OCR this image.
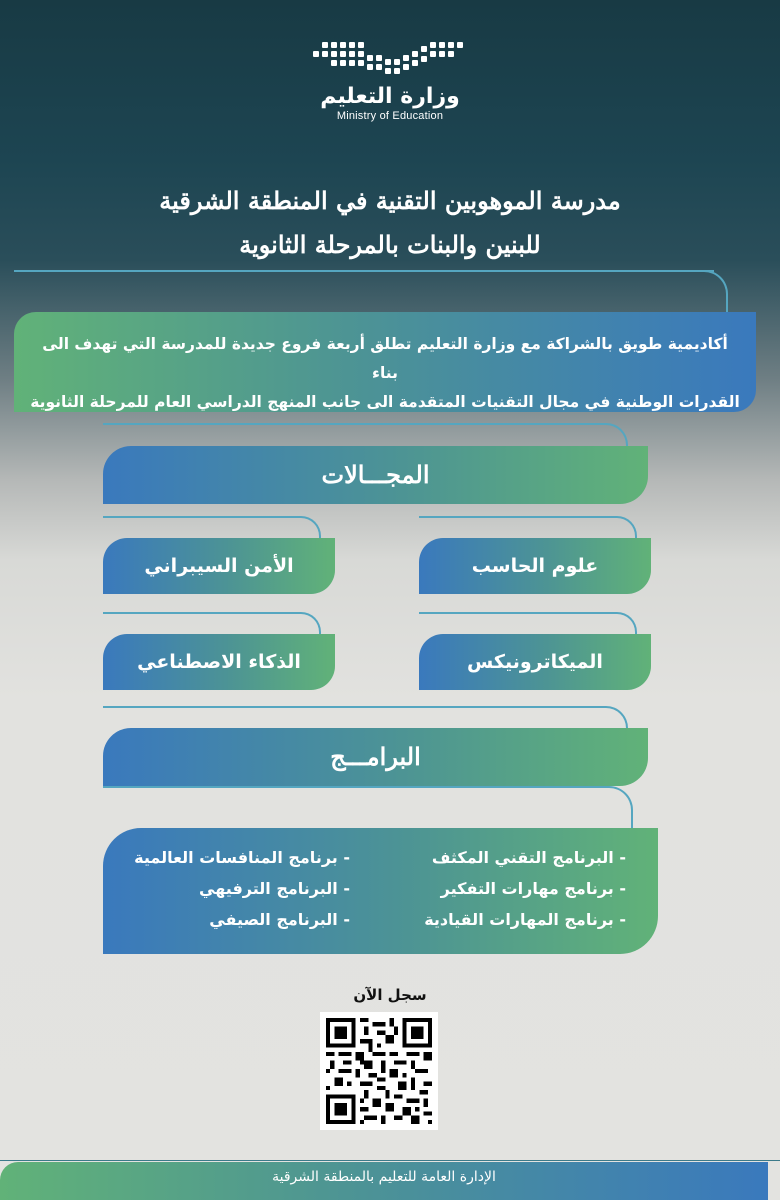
وزارة التعليم
Ministry of Education
مدرسة الموهوبين التقنية في المنطقة الشرقية
للبنين والبنات بالمرحلة الثانوية

أكاديمية طويق بالشراكة مع وزارة التعليم تطلق أربعة فروع جديدة للمدرسة التي تهدف الى بناء

القدرات الوطنية في مجال التقنيات المتقدمة الى جانب المنهج الدراسي العام للمرحلة الثانوية

المجـــالات
الأمن السيبراني	علوم الحاسب
الذكاء الاصطناعي	الميكاترونيكس
البرامـــج
- البرنامج التقني المكثف
- برنامج مهارات التفكير
- برنامج المهارات القيادية
- برنامج المنافسات العالمية
- البرنامج الترفيهي
- البرنامج الصيفي
سجل الآن
الإدارة العامة للتعليم بالمنطقة الشرقية
